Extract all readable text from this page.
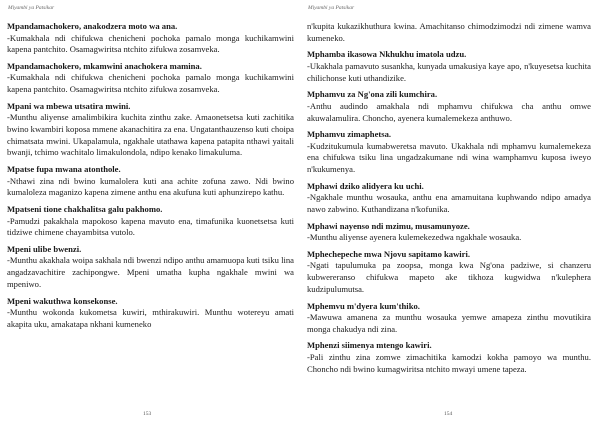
Miyambi ya Patsikar

Mpandamachokero, anakodzera moto wa ana.

-Kumakhala ndi chifukwa chenicheni pochoka pamalo monga kuchikamwini kapena pantchito. Osamagwiritsa ntchito zifukwa zosamveka.

Mpandamachokero, mkamwini anachokera mamina.

-Kumakhala ndi chifukwa chenicheni pochoka pamalo monga kuchikamwini kapena pantchito. Osamagwiritsa ntchito zifukwa zosamveka.

Mpani wa mbewa utsatira mwini.

-Munthu aliyense amalimbikira kuchita zinthu zake. Amaonetsetsa kuti zachitika bwino kwambiri koposa mmene akanachitira za ena. Ungatanthauzenso kuti choipa chimatsata mwini. Ukapalamula, ngakhale utathawa kapena patapita nthawi yaitali bwanji, tchimo wachitalo limakulondola, ndipo kenako limakuluma.

Mpatse fupa mwana atonthole.

-Nthawi zina ndi bwino kumalolera kuti ana achite zofuna zawo. Ndi bwino kumaloleza maganizo kapena zimene anthu ena akufuna kuti aphunzirepo kathu.

Mpatseni tione chakhalitsa galu pakhomo.

-Pamudzi pakakhala mapokoso kapena mavuto ena, timafunika kuonetsetsa kuti tidziwe chimene chayambitsa vutolo.

Mpeni ulibe bwenzi.

-Munthu akakhala woipa sakhala ndi bwenzi ndipo anthu amamuopa kuti tsiku lina angadzavachitire zachipongwe. Mpeni umatha kupha ngakhale mwini wa mpeniwo.

Mpeni wakuthwa konsekonse.

-Munthu wokonda kukometsa kuwiri, mthirakuwiri. Munthu wotereyu amati akapita uku, amakatapa nkhani kumeneko

153
Miyambi ya Patsikar

n'kupita kukazikhuthura kwina. Amachitanso chimodzimodzi ndi zimene wamva kumeneko.

Mphamba ikasowa Nkhukhu imatola udzu.

-Ukakhala pamavuto susankha, kunyada umakusiya kaye apo, n'kuyesetsa kuchita chilichonse kuti uthandizike.

Mphamvu za Ng'ona zili kumchira.

-Anthu audindo amakhala ndi mphamvu chifukwa cha anthu omwe akuwalamulira. Choncho, ayenera kumalemekeza anthuwo.

Mphamvu zimaphetsa.

-Kudzitukumula kumabweretsa mavuto. Ukakhala ndi mphamvu kumalemekeza ena chifukwa tsiku lina ungadzakumane ndi wina wamphamvu kuposa iweyo n'kukumenya.

Mphawi dziko alidyera ku uchi.

-Ngakhale munthu wosauka, anthu ena amamuitana kuphwando ndipo amadya nawo zabwino. Kuthandizana n'kofunika.

Mphawi nayenso ndi mzimu, musamunyoze.

-Munthu aliyense ayenera kulemekezedwa ngakhale wosauka.

Mphechepeche mwa Njovu sapitamo kawiri.

-Ngati tapulumuka pa zoopsa, monga kwa Ng'ona padziwe, si chanzeru kubwereranso chifukwa mapeto ake tikhoza kugwidwa n'kulephera kudzipulumutsa.

Mphemvu m'dyera kum'thiko.

-Mawuwa amanena za munthu wosauka yemwe amapeza zinthu movutikira monga chakudya ndi zina.

Mphenzi siimenya mtengo kawiri.

-Pali zinthu zina zomwe zimachitika kamodzi kokha pamoyo wa munthu. Choncho ndi bwino kumagwiritsa ntchito mwayi umene tapeza.

154
